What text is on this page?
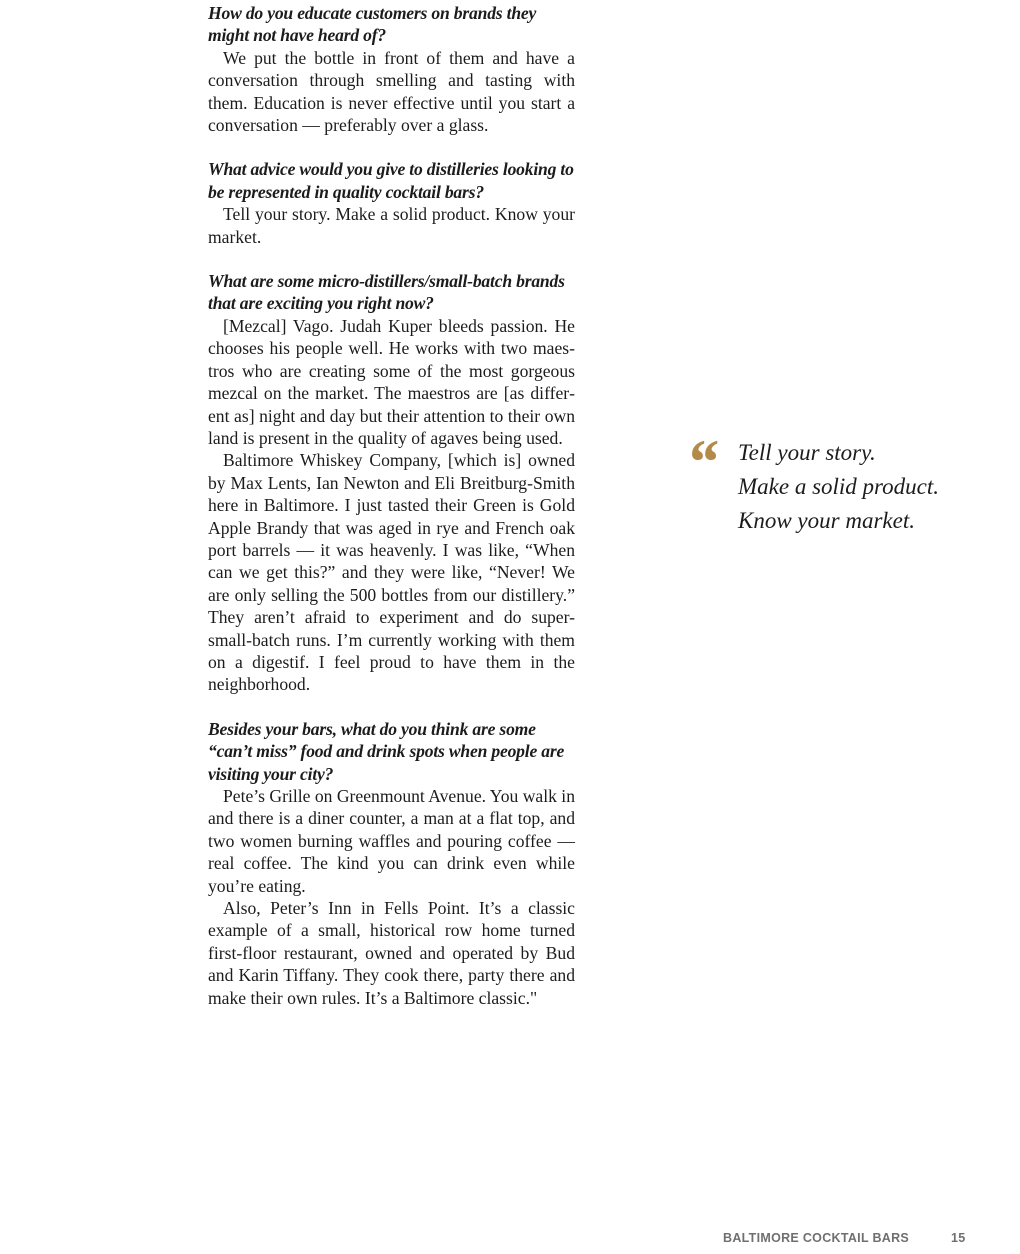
How do you educate customers on brands they might not have heard of?

We put the bottle in front of them and have a conversation through smelling and tasting with them. Education is never effective until you start a conversation — preferably over a glass.

What advice would you give to distilleries looking to be represented in quality cocktail bars?

Tell your story. Make a solid product. Know your market.

What are some micro-distillers/small-batch brands that are exciting you right now?

[Mezcal] Vago. Judah Kuper bleeds passion. He chooses his people well. He works with two maestros who are creating some of the most gorgeous mezcal on the market. The maestros are [as different as] night and day but their attention to their own land is present in the quality of agaves being used.

Baltimore Whiskey Company, [which is] owned by Max Lents, Ian Newton and Eli Breitburg-Smith here in Baltimore. I just tasted their Green is Gold Apple Brandy that was aged in rye and French oak port barrels — it was heavenly. I was like, “When can we get this?” and they were like, “Never! We are only selling the 500 bottles from our distillery.” They aren’t afraid to experiment and do super-small-batch runs. I’m currently working with them on a digestif. I feel proud to have them in the neighborhood.

Besides your bars, what do you think are some “can’t miss” food and drink spots when people are visiting your city?

Pete’s Grille on Greenmount Avenue. You walk in and there is a diner counter, a man at a flat top, and two women burning waffles and pouring coffee — real coffee. The kind you can drink even while you’re eating.

Also, Peter’s Inn in Fells Point. It’s a classic example of a small, historical row home turned first-floor restaurant, owned and operated by Bud and Karin Tiffany. They cook there, party there and make their own rules. It’s a Baltimore classic."

“ Tell your story.
Make a solid product.
Know your market.
BALTIMORE COCKTAIL BARS	15
